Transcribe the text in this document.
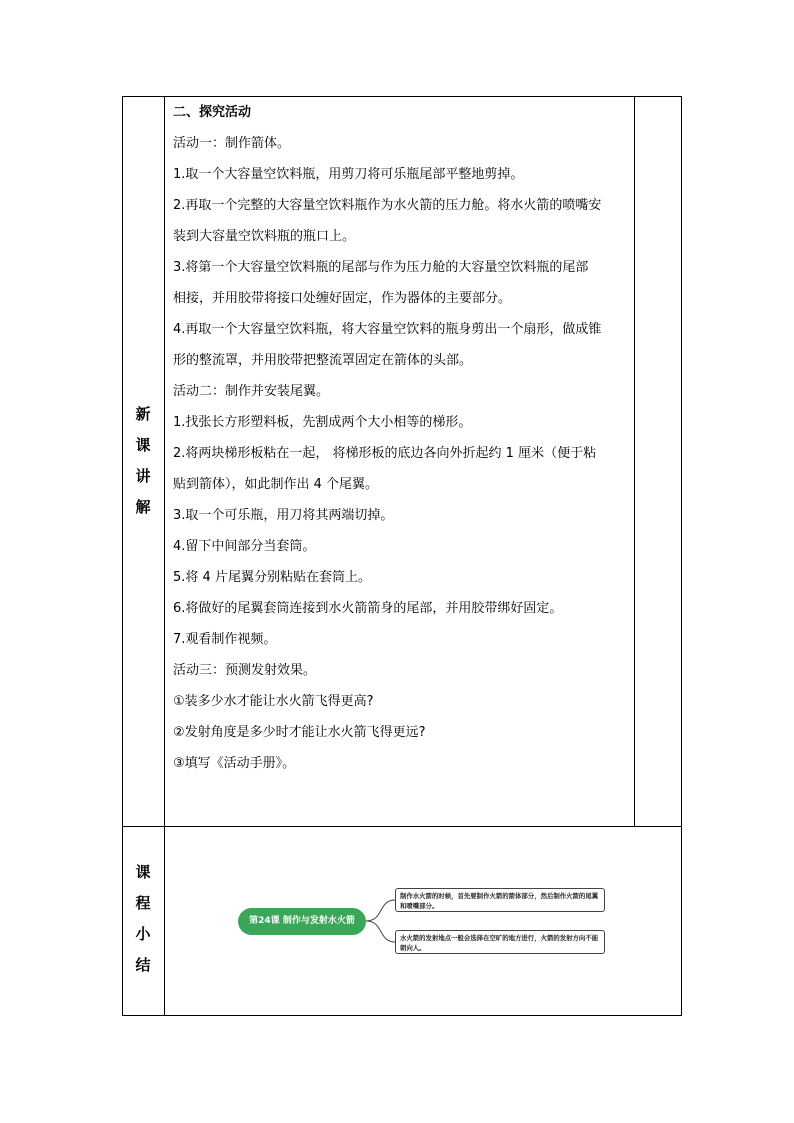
新
课
讲
解
课
程
小
结
二、探究活动
活动一：制作箭体。
1.取一个大容量空饮料瓶，用剪刀将可乐瓶尾部平整地剪掉。
2.再取一个完整的大容量空饮料瓶作为水火箭的压力舱。将水火箭的喷嘴安
装到大容量空饮料瓶的瓶口上。
3.将第一个大容量空饮料瓶的尾部与作为压力舱的大容量空饮料瓶的尾部
相接，并用胶带将接口处缠好固定，作为器体的主要部分。
4.再取一个大容量空饮料瓶，将大容量空饮料的瓶身剪出一个扇形，做成锥
形的整流罩，并用胶带把整流罩固定在箭体的头部。
活动二：制作并安装尾翼。
1.找张长方形塑料板，先割成两个大小相等的梯形。
2.将两块梯形板粘在一起， 将梯形板的底边各向外折起约 1 厘米（便于粘
贴到箭体），如此制作出 4 个尾翼。
3.取一个可乐瓶，用刀将其两端切掉。
4.留下中间部分当套筒。
5.将 4 片尾翼分别粘贴在套筒上。
6.将做好的尾翼套筒连接到水火箭箭身的尾部，并用胶带绑好固定。
7.观看制作视频。
活动三：预测发射效果。
①装多少水才能让水火箭飞得更高?
②发射角度是多少时才能让水火箭飞得更远?
③填写《活动手册》。
第24课 制作与发射水火箭
制作水火箭的时候，首先要制作火箭的箭体部分，然后制作火箭的尾翼和喷嘴部分。
水火箭的发射地点一般会选择在空旷的地方进行，火箭的发射方向不能朝向人。
